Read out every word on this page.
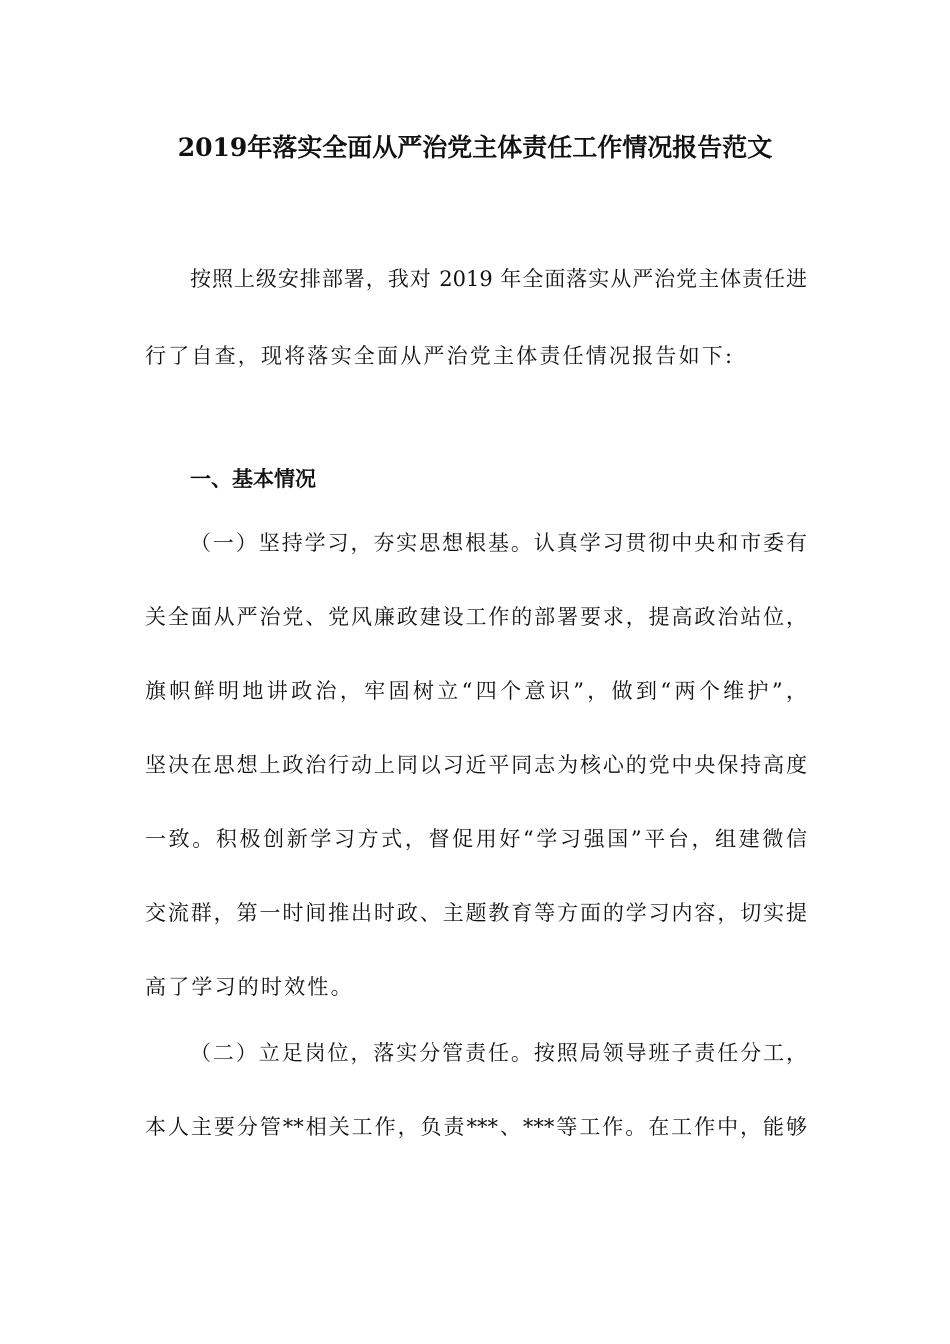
2019年落实全面从严治党主体责任工作情况报告范文
按照上级安排部署，我对 2019 年全面落实从严治党主体责任进
行了自查，现将落实全面从严治党主体责任情况报告如下:
一、基本情况
（一）坚持学习，夯实思想根基。认真学习贯彻中央和市委有
关全面从严治党、党风廉政建设工作的部署要求，提高政治站位，
旗帜鲜明地讲政治，牢固树立“四个意识”，做到“两个维护”，
坚决在思想上政治行动上同以习近平同志为核心的党中央保持高度
一致。积极创新学习方式，督促用好“学习强国”平台，组建微信
交流群，第一时间推出时政、主题教育等方面的学习内容，切实提
高了学习的时效性。
（二）立足岗位，落实分管责任。按照局领导班子责任分工，
本人主要分管**相关工作，负责***、***等工作。在工作中，能够
